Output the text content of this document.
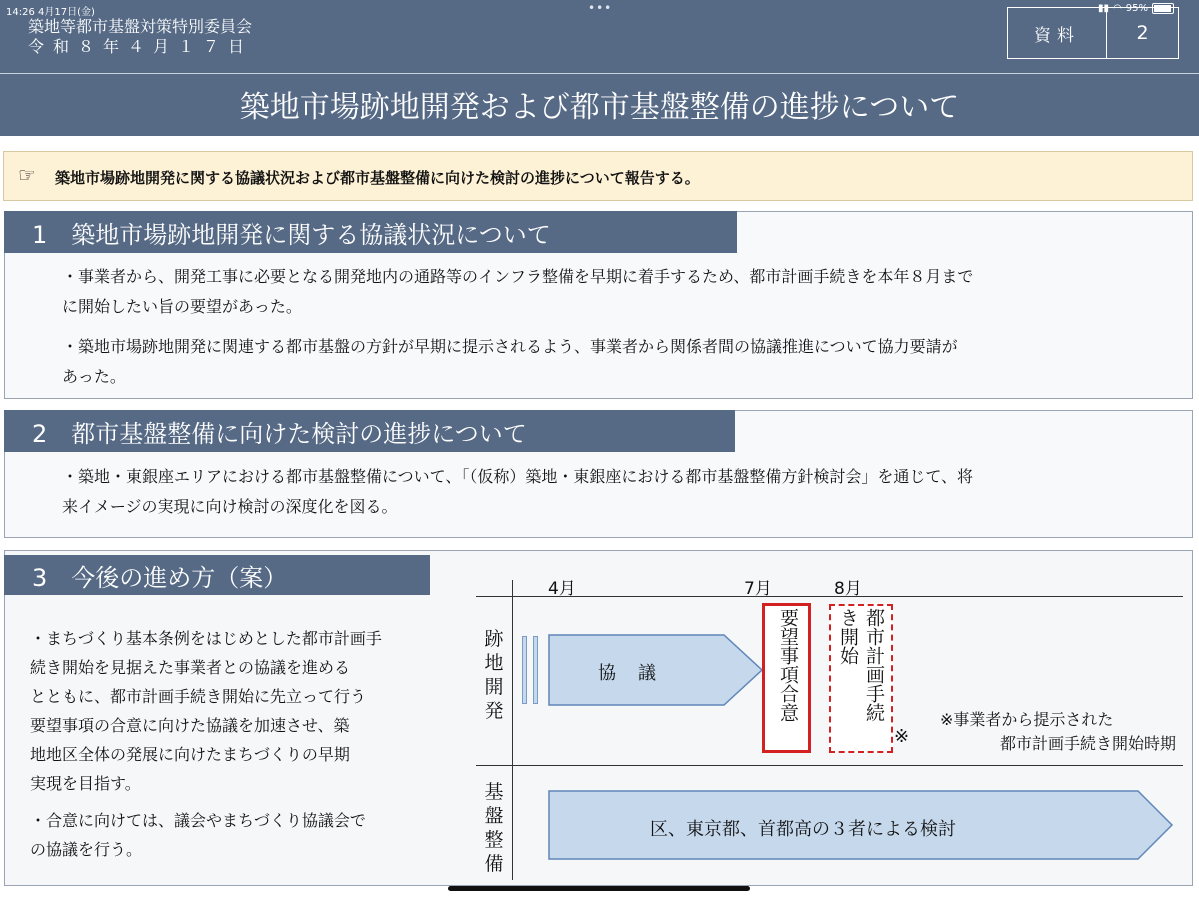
14:26 4月17日(金)	•••	▮▮ ◠ 95%
築地等都市基盤対策特別委員会
令和８年４月１７日
資料	2
築地市場跡地開発および都市基盤整備の進捗について
☞ 築地市場跡地開発に関する協議状況および都市基盤整備に向けた検討の進捗について報告する。
1　築地市場跡地開発に関する協議状況について
・事業者から、開発工事に必要となる開発地内の通路等のインフラ整備を早期に着手するため、都市計画手続きを本年８月まで
に開始したい旨の要望があった。
・築地市場跡地開発に関連する都市基盤の方針が早期に提示されるよう、事業者から関係者間の協議推進について協力要請が
あった。
2　都市基盤整備に向けた検討の進捗について
・築地・東銀座エリアにおける都市基盤整備について、「（仮称）築地・東銀座における都市基盤整備方針検討会」を通じて、将
来イメージの実現に向け検討の深度化を図る。
3　今後の進め方（案）
・まちづくり基本条例をはじめとした都市計画手
続き開始を見据えた事業者との協議を進める
とともに、都市計画手続き開始に先立って行う
要望事項の合意に向けた協議を加速させ、築
地地区全体の発展に向けたまちづくりの早期
実現を目指す。
・合意に向けては、議会やまちづくり協議会で
の協議を行う。
4月	7月	8月
跡地開発
基盤整備
協　議	要望事項合意	都市計画手続
き開始
※
※事業者から提示された
都市計画手続き開始時期
区、東京都、首都高の３者による検討
